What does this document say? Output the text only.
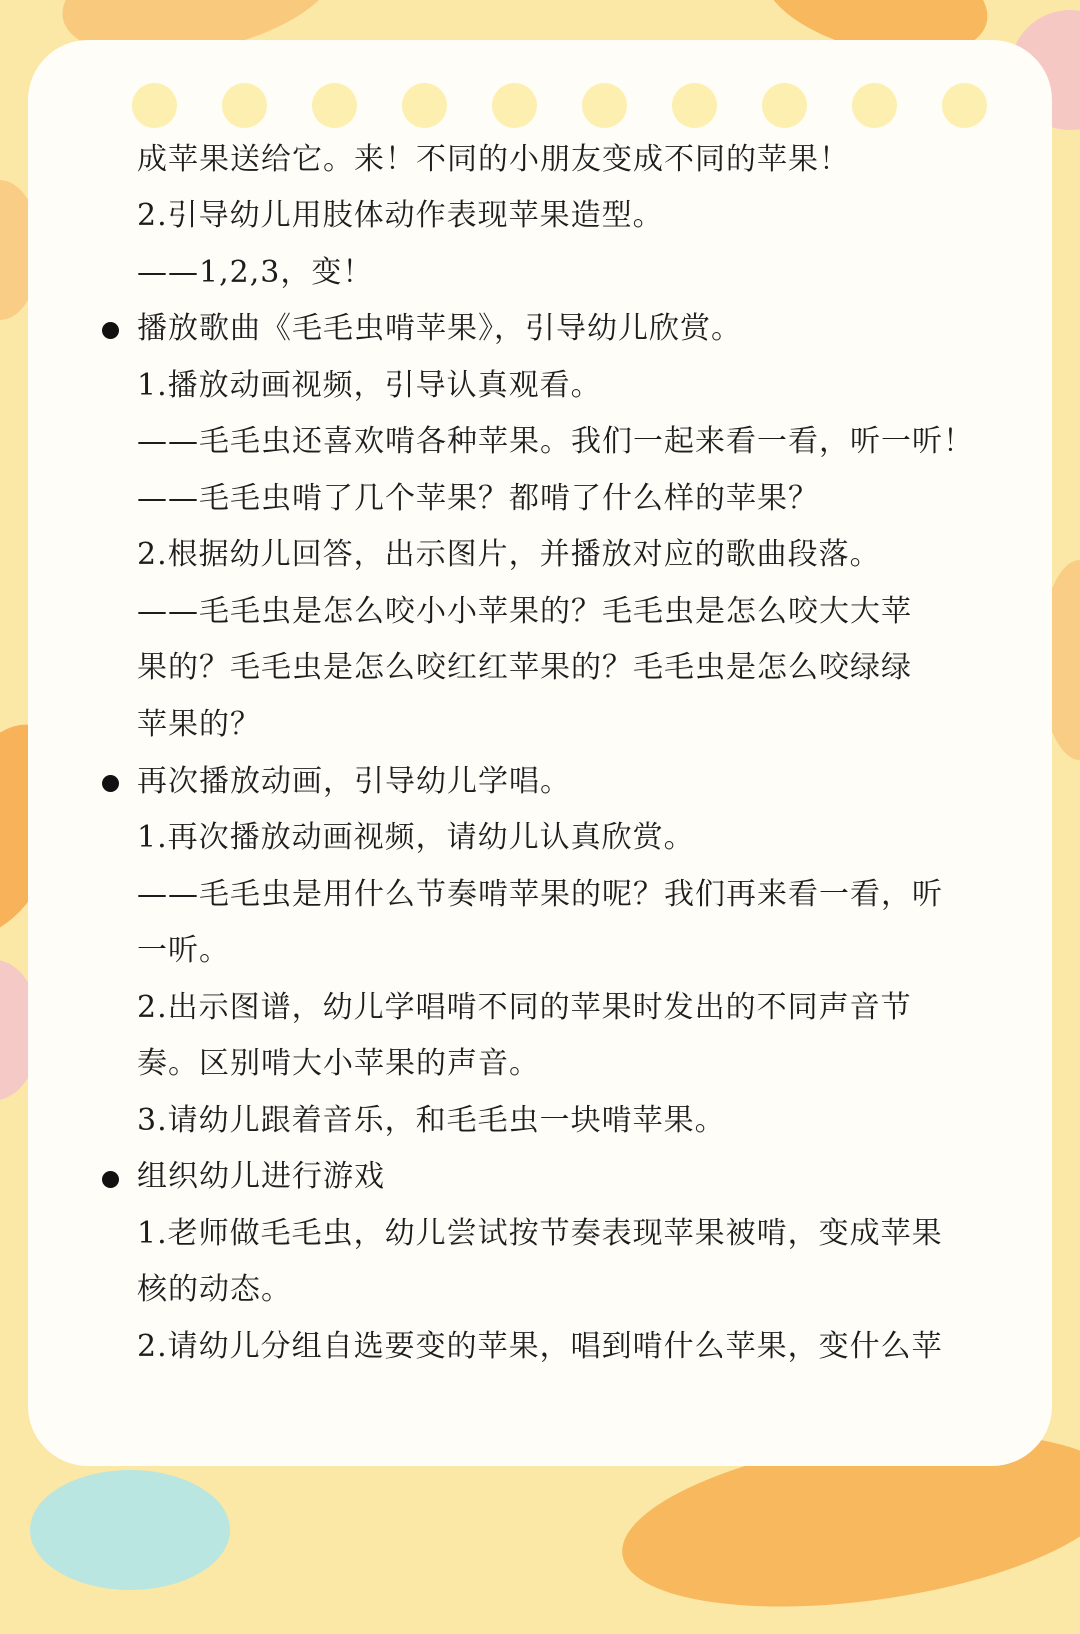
成苹果送给它。来！不同的小朋友变成不同的苹果！
2.引导幼儿用肢体动作表现苹果造型。
——1,2,3，变！
播放歌曲《毛毛虫啃苹果》，引导幼儿欣赏。
1.播放动画视频，引导认真观看。
——毛毛虫还喜欢啃各种苹果。我们一起来看一看，听一听！
——毛毛虫啃了几个苹果？都啃了什么样的苹果？
2.根据幼儿回答，出示图片，并播放对应的歌曲段落。
——毛毛虫是怎么咬小小苹果的？毛毛虫是怎么咬大大苹
果的？毛毛虫是怎么咬红红苹果的？毛毛虫是怎么咬绿绿
苹果的？
再次播放动画，引导幼儿学唱。
1.再次播放动画视频，请幼儿认真欣赏。
——毛毛虫是用什么节奏啃苹果的呢？我们再来看一看，听
一听。
2.出示图谱，幼儿学唱啃不同的苹果时发出的不同声音节
奏。区别啃大小苹果的声音。
3.请幼儿跟着音乐，和毛毛虫一块啃苹果。
组织幼儿进行游戏
1.老师做毛毛虫，幼儿尝试按节奏表现苹果被啃，变成苹果
核的动态。
2.请幼儿分组自选要变的苹果，唱到啃什么苹果，变什么苹
